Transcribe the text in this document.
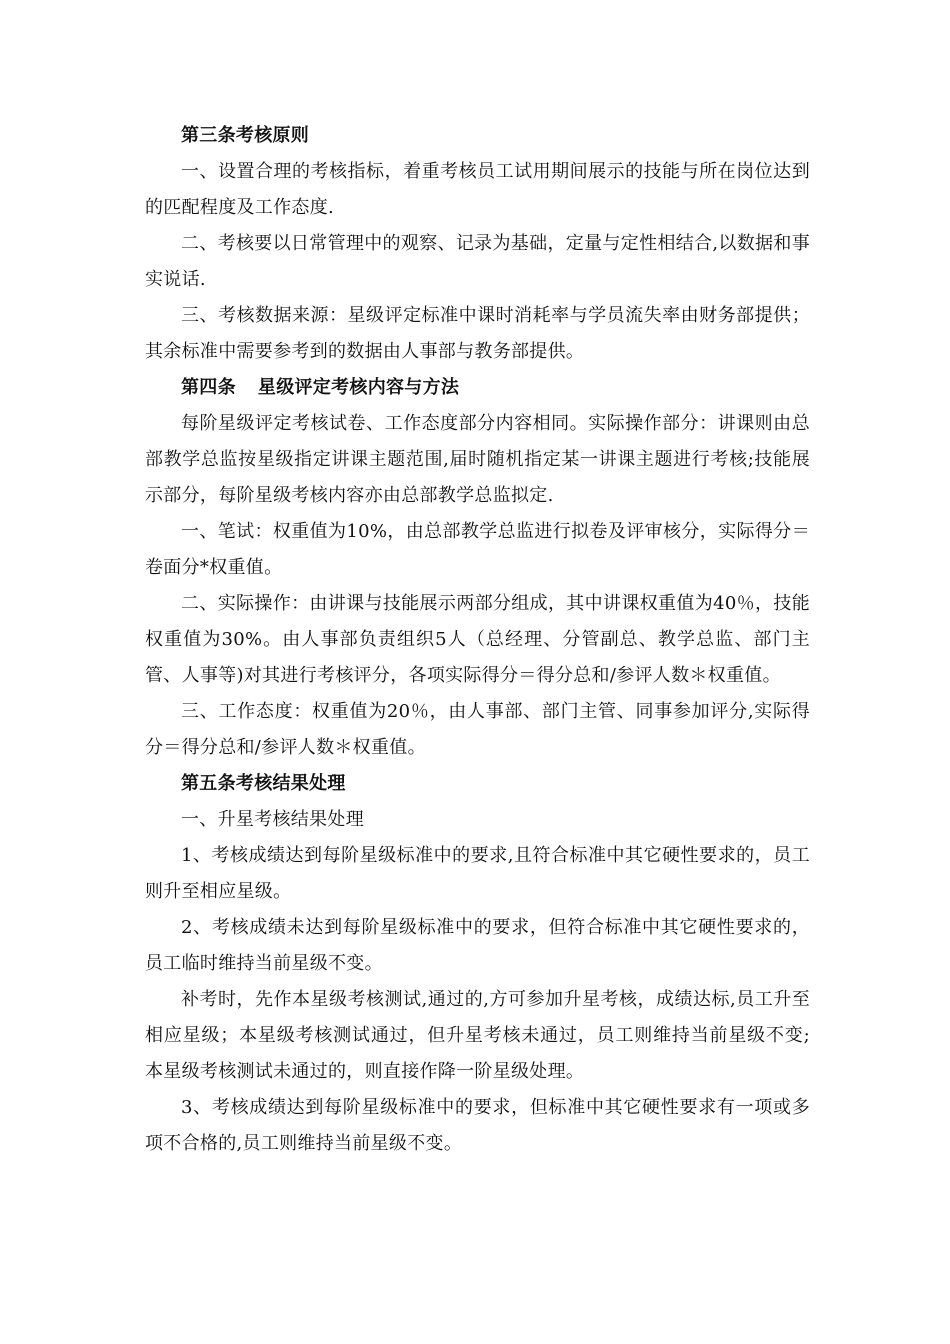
第三条考核原则

一、设置合理的考核指标，着重考核员工试用期间展示的技能与所在岗位达到的匹配程度及工作态度.

二、考核要以日常管理中的观察、记录为基础，定量与定性相结合,以数据和事实说话.

三、考核数据来源：星级评定标准中课时消耗率与学员流失率由财务部提供；其余标准中需要参考到的数据由人事部与教务部提供。

第四条 星级评定考核内容与方法

每阶星级评定考核试卷、工作态度部分内容相同。实际操作部分：讲课则由总部教学总监按星级指定讲课主题范围,届时随机指定某一讲课主题进行考核;技能展示部分，每阶星级考核内容亦由总部教学总监拟定.

一、笔试：权重值为10%，由总部教学总监进行拟卷及评审核分，实际得分＝卷面分*权重值。

二、实际操作：由讲课与技能展示两部分组成，其中讲课权重值为40％，技能权重值为30%。由人事部负责组织5人（总经理、分管副总、教学总监、部门主管、人事等)对其进行考核评分，各项实际得分＝得分总和/参评人数＊权重值。

三、工作态度：权重值为20％，由人事部、部门主管、同事参加评分,实际得分＝得分总和/参评人数＊权重值。

第五条考核结果处理

一、升星考核结果处理

1、考核成绩达到每阶星级标准中的要求,且符合标准中其它硬性要求的，员工则升至相应星级。

2、考核成绩未达到每阶星级标准中的要求，但符合标准中其它硬性要求的，员工临时维持当前星级不变。

补考时，先作本星级考核测试,通过的,方可参加升星考核，成绩达标,员工升至相应星级；本星级考核测试通过，但升星考核未通过，员工则维持当前星级不变;本星级考核测试未通过的，则直接作降一阶星级处理。

3、考核成绩达到每阶星级标准中的要求，但标准中其它硬性要求有一项或多项不合格的,员工则维持当前星级不变。
